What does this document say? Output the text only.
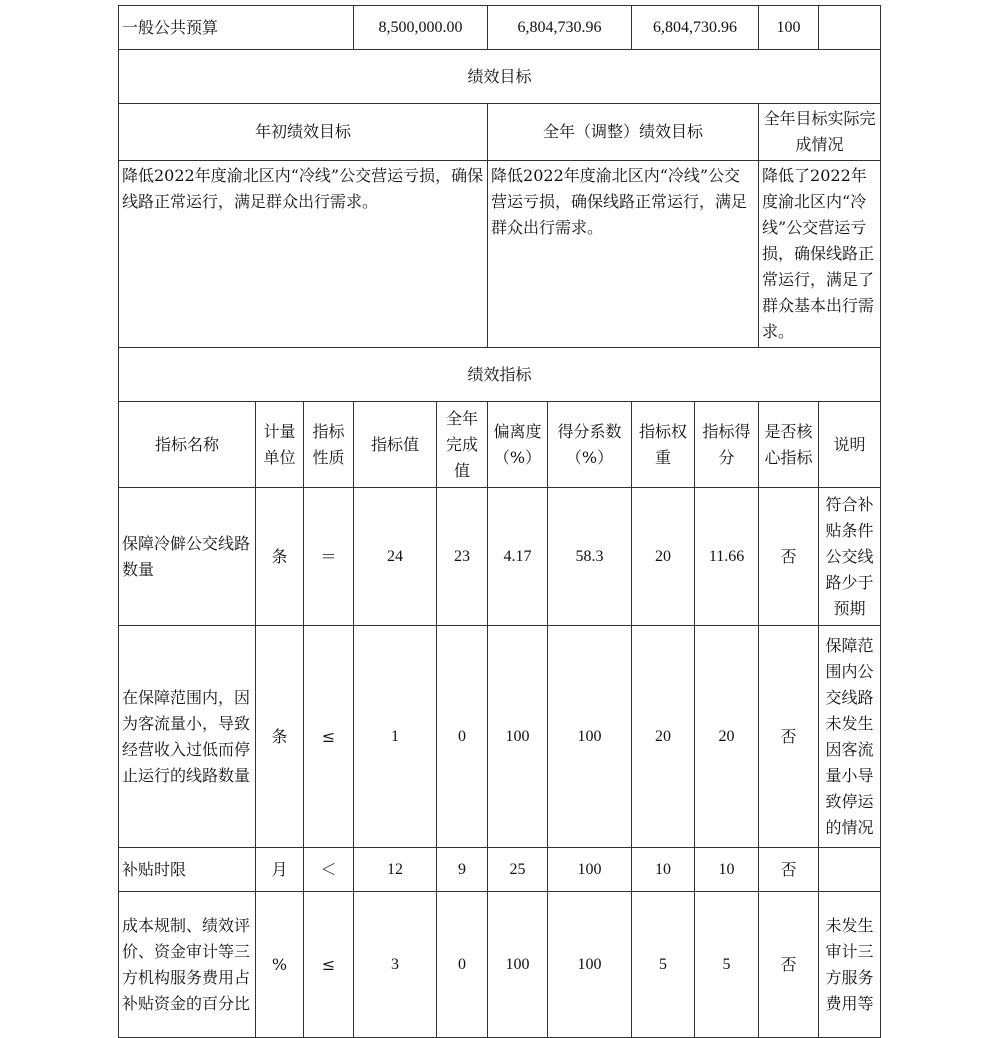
一般公共预算			8,500,000.00		6,804,730.96		6,804,730.96		100		
绩效目标											
年初绩效目标					全年（调整）绩效目标				全年目标实际完成情况		
降低2022年度渝北区内“冷线”公交营运亏损，确保线路正常运行，满足群众出行需求。					降低2022年度渝北区内“冷线”公交营运亏损，确保线路正常运行，满足群众出行需求。				降低了2022年度渝北区内“冷线”公交营运亏损，确保线路正常运行，满足了群众基本出行需求。		
绩效指标											
指标名称	计量单位	指标性质	指标值	全年完成值	偏离度（%）	得分系数（%）	指标权重	指标得分	是否核心指标	说明	
保障冷僻公交线路数量	条	＝	24	23	4.17	58.3	20	11.66	否	符合补贴条件公交线路少于预期	
在保障范围内，因为客流量小，导致经营收入过低而停止运行的线路数量	条	≤	1	0	100	100	20	20	否	保障范围内公交线路未发生因客流量小导致停运的情况	
补贴时限	月	＜	12	9	25	100	10	10	否		
成本规制、绩效评价、资金审计等三方机构服务费用占补贴资金的百分比	%	≤	3	0	100	100	5	5	否	未发生审计三方服务费用等	
